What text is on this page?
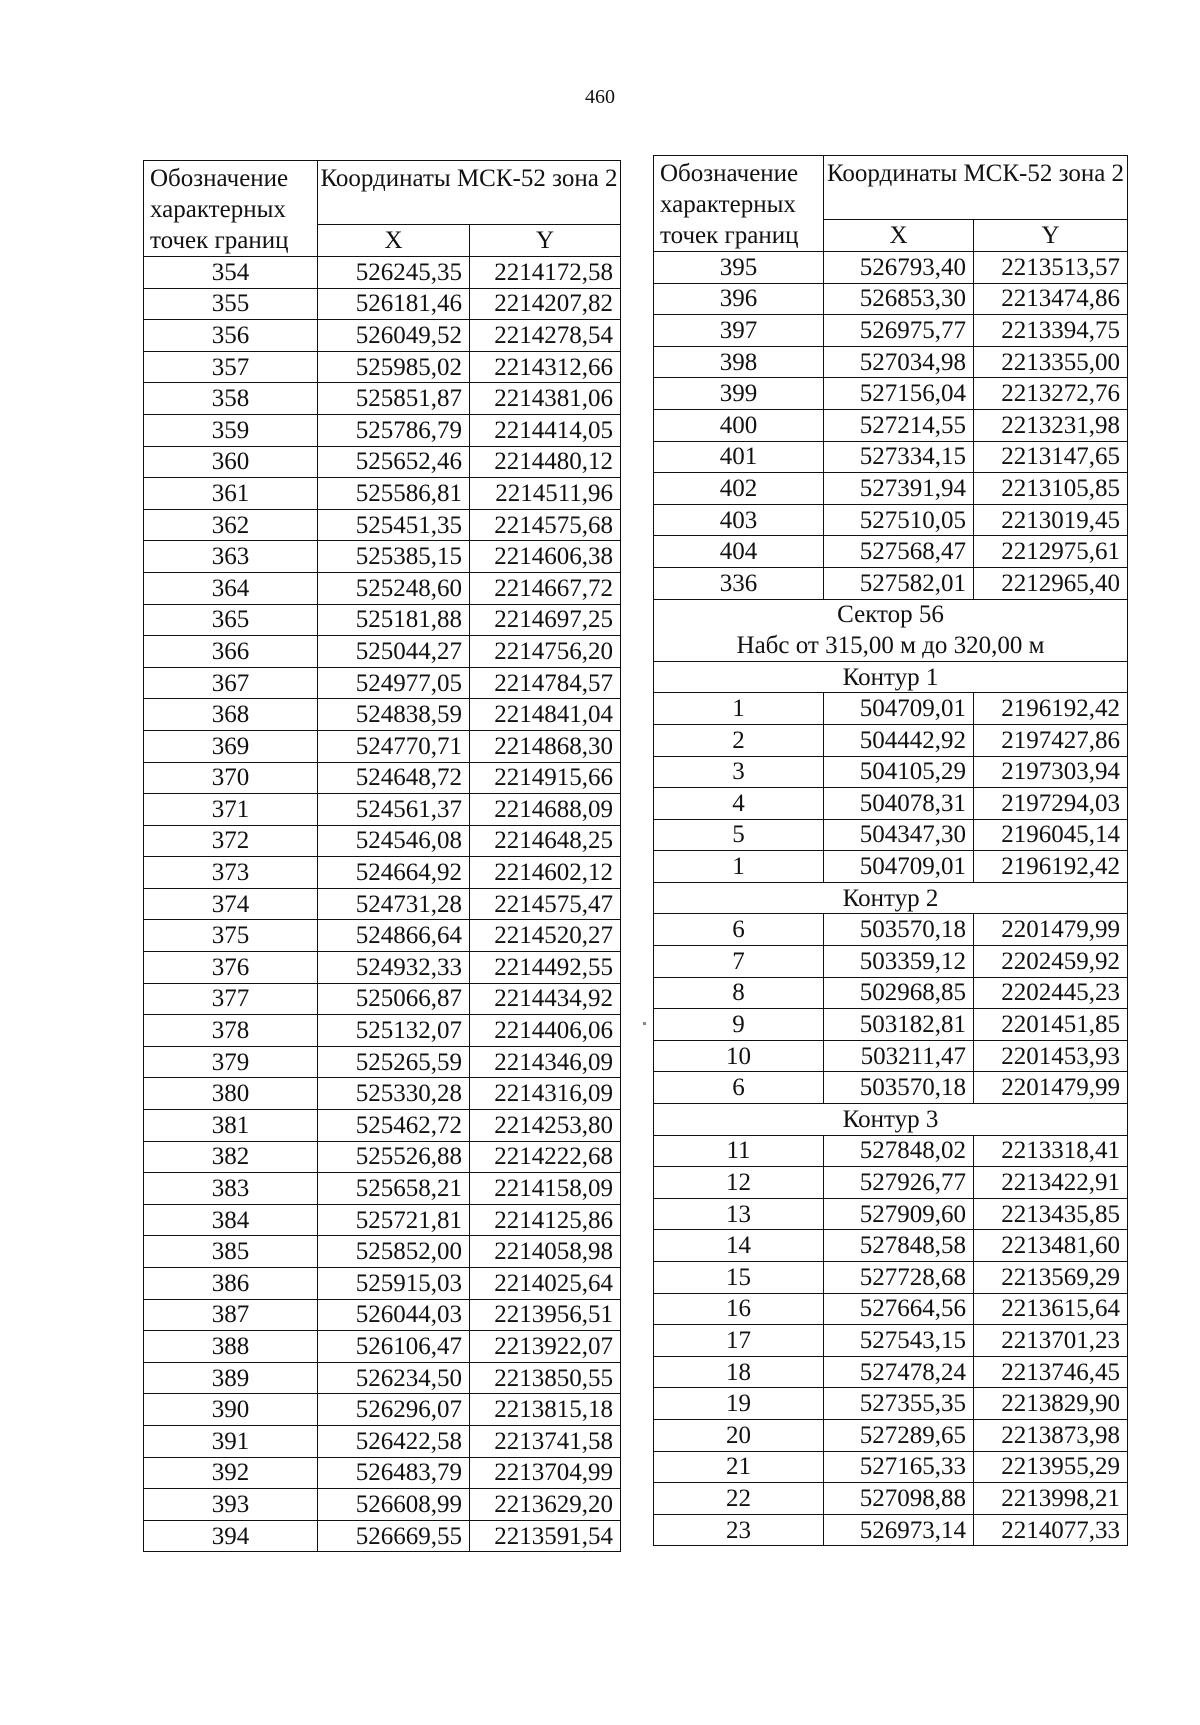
460
Обозначение характерных точек границ	Координаты МСК-52 зона 2	
	X	Y
354	526245,35	2214172,58
355	526181,46	2214207,82
356	526049,52	2214278,54
357	525985,02	2214312,66
358	525851,87	2214381,06
359	525786,79	2214414,05
360	525652,46	2214480,12
361	525586,81	2214511,96
362	525451,35	2214575,68
363	525385,15	2214606,38
364	525248,60	2214667,72
365	525181,88	2214697,25
366	525044,27	2214756,20
367	524977,05	2214784,57
368	524838,59	2214841,04
369	524770,71	2214868,30
370	524648,72	2214915,66
371	524561,37	2214688,09
372	524546,08	2214648,25
373	524664,92	2214602,12
374	524731,28	2214575,47
375	524866,64	2214520,27
376	524932,33	2214492,55
377	525066,87	2214434,92
378	525132,07	2214406,06
379	525265,59	2214346,09
380	525330,28	2214316,09
381	525462,72	2214253,80
382	525526,88	2214222,68
383	525658,21	2214158,09
384	525721,81	2214125,86
385	525852,00	2214058,98
386	525915,03	2214025,64
387	526044,03	2213956,51
388	526106,47	2213922,07
389	526234,50	2213850,55
390	526296,07	2213815,18
391	526422,58	2213741,58
392	526483,79	2213704,99
393	526608,99	2213629,20
394	526669,55	2213591,54
Обозначение характерных точек границ	Координаты МСК-52 зона 2	
	X	Y
395	526793,40	2213513,57
396	526853,30	2213474,86
397	526975,77	2213394,75
398	527034,98	2213355,00
399	527156,04	2213272,76
400	527214,55	2213231,98
401	527334,15	2213147,65
402	527391,94	2213105,85
403	527510,05	2213019,45
404	527568,47	2212975,61
336	527582,01	2212965,40
Сектор 56		
Набс от 315,00 м до 320,00 м		
Контур 1		
1	504709,01	2196192,42
2	504442,92	2197427,86
3	504105,29	2197303,94
4	504078,31	2197294,03
5	504347,30	2196045,14
1	504709,01	2196192,42
Контур 2		
6	503570,18	2201479,99
7	503359,12	2202459,92
8	502968,85	2202445,23
9	503182,81	2201451,85
10	503211,47	2201453,93
6	503570,18	2201479,99
Контур 3		
11	527848,02	2213318,41
12	527926,77	2213422,91
13	527909,60	2213435,85
14	527848,58	2213481,60
15	527728,68	2213569,29
16	527664,56	2213615,64
17	527543,15	2213701,23
18	527478,24	2213746,45
19	527355,35	2213829,90
20	527289,65	2213873,98
21	527165,33	2213955,29
22	527098,88	2213998,21
23	526973,14	2214077,33
